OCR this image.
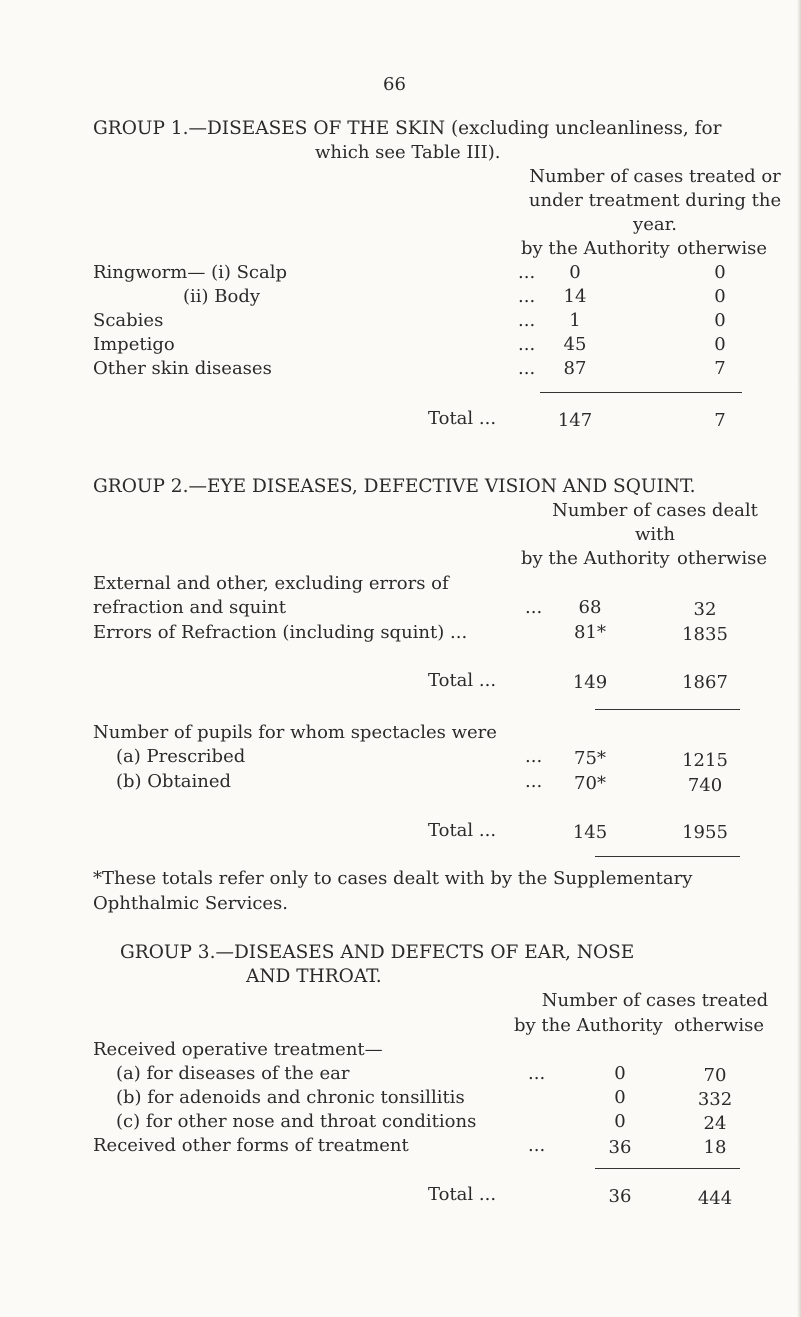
66
GROUP 1.—DISEASES OF THE SKIN (excluding uncleanliness, for
which see Table III).
Number of cases treated or
under treatment during the
year.
by the Authority otherwise
Ringworm— (i) Scalp	...	0	0
(ii) Body	...	14	0
Scabies	...	1	0
Impetigo	...	45	0
Other skin diseases	...	87	7
Total ...	147	7
GROUP 2.—EYE DISEASES, DEFECTIVE VISION AND SQUINT.
Number of cases dealt
with
by the Authority otherwise
External and other, excluding errors of
refraction and squint	...	68	32
Errors of Refraction (including squint) ...	81*	1835
Total ...	149	1867
Number of pupils for whom spectacles were
(a) Prescribed	...	75*	1215
(b) Obtained	...	70*	740
Total ...	145	1955
*These totals refer only to cases dealt with by the Supplementary
Ophthalmic Services.
GROUP 3.—DISEASES AND DEFECTS OF EAR, NOSE
AND THROAT.
Number of cases treated
by the Authority otherwise
Received operative treatment—
(a) for diseases of the ear	...	0	70
(b) for adenoids and chronic tonsillitis	0	332
(c) for other nose and throat conditions	0	24
Received other forms of treatment	...	36	18
Total ...	36	444
